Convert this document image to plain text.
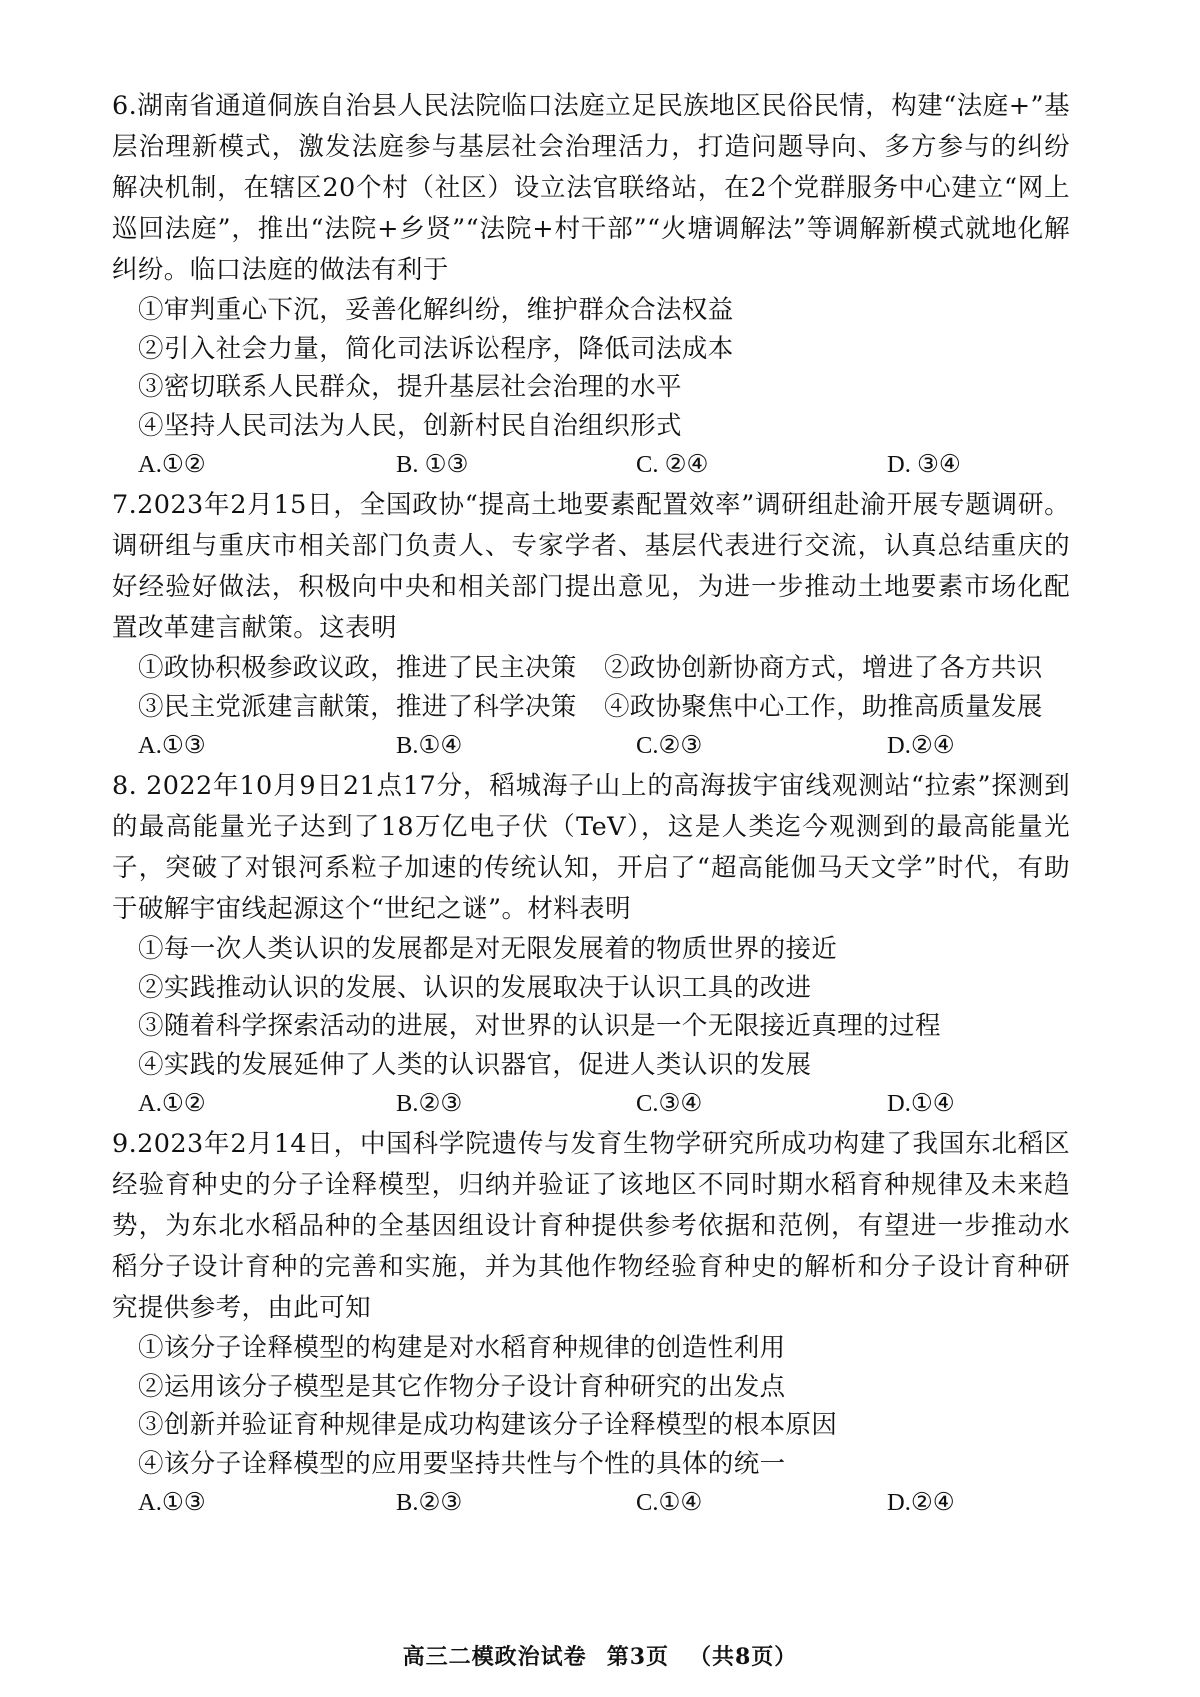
6.湖南省通道侗族自治县人民法院临口法庭立足民族地区民俗民情，构建“法庭+”基层治理新模式，激发法庭参与基层社会治理活力，打造问题导向、多方参与的纠纷解决机制，在辖区20个村（社区）设立法官联络站，在2个党群服务中心建立“网上巡回法庭”，推出“法院+乡贤”“法院+村干部”“火塘调解法”等调解新模式就地化解纠纷。临口法庭的做法有利于

①审判重心下沉，妥善化解纠纷，维护群众合法权益
②引入社会力量，简化司法诉讼程序，降低司法成本
③密切联系人民群众，提升基层社会治理的水平
④坚持人民司法为人民，创新村民自治组织形式
A.①②	B. ①③	C. ②④	D. ③④

7.2023年2月15日，全国政协“提高土地要素配置效率”调研组赴渝开展专题调研。调研组与重庆市相关部门负责人、专家学者、基层代表进行交流，认真总结重庆的好经验好做法，积极向中央和相关部门提出意见，为进一步推动土地要素市场化配置改革建言献策。这表明

①政协积极参政议政，推进了民主决策	②政协创新协商方式，增进了各方共识
③民主党派建言献策，推进了科学决策	④政协聚焦中心工作，助推高质量发展
A.①③	B.①④	C.②③	D.②④

8. 2022年10月9日21点17分，稻城海子山上的高海拔宇宙线观测站“拉索”探测到的最高能量光子达到了18万亿电子伏（TeV），这是人类迄今观测到的最高能量光子，突破了对银河系粒子加速的传统认知，开启了“超高能伽马天文学”时代，有助于破解宇宙线起源这个“世纪之谜”。材料表明

①每一次人类认识的发展都是对无限发展着的物质世界的接近
②实践推动认识的发展、认识的发展取决于认识工具的改进
③随着科学探索活动的进展，对世界的认识是一个无限接近真理的过程
④实践的发展延伸了人类的认识器官，促进人类认识的发展
A.①②	B.②③	C.③④	D.①④

9.2023年2月14日，中国科学院遗传与发育生物学研究所成功构建了我国东北稻区经验育种史的分子诠释模型，归纳并验证了该地区不同时期水稻育种规律及未来趋势，为东北水稻品种的全基因组设计育种提供参考依据和范例，有望进一步推动水稻分子设计育种的完善和实施，并为其他作物经验育种史的解析和分子设计育种研究提供参考，由此可知

①该分子诠释模型的构建是对水稻育种规律的创造性利用
②运用该分子模型是其它作物分子设计育种研究的出发点
③创新并验证育种规律是成功构建该分子诠释模型的根本原因
④该分子诠释模型的应用要坚持共性与个性的具体的统一
A.①③	B.②③	C.①④	D.②④
高三二模政治试卷 第3页 （共8页）
